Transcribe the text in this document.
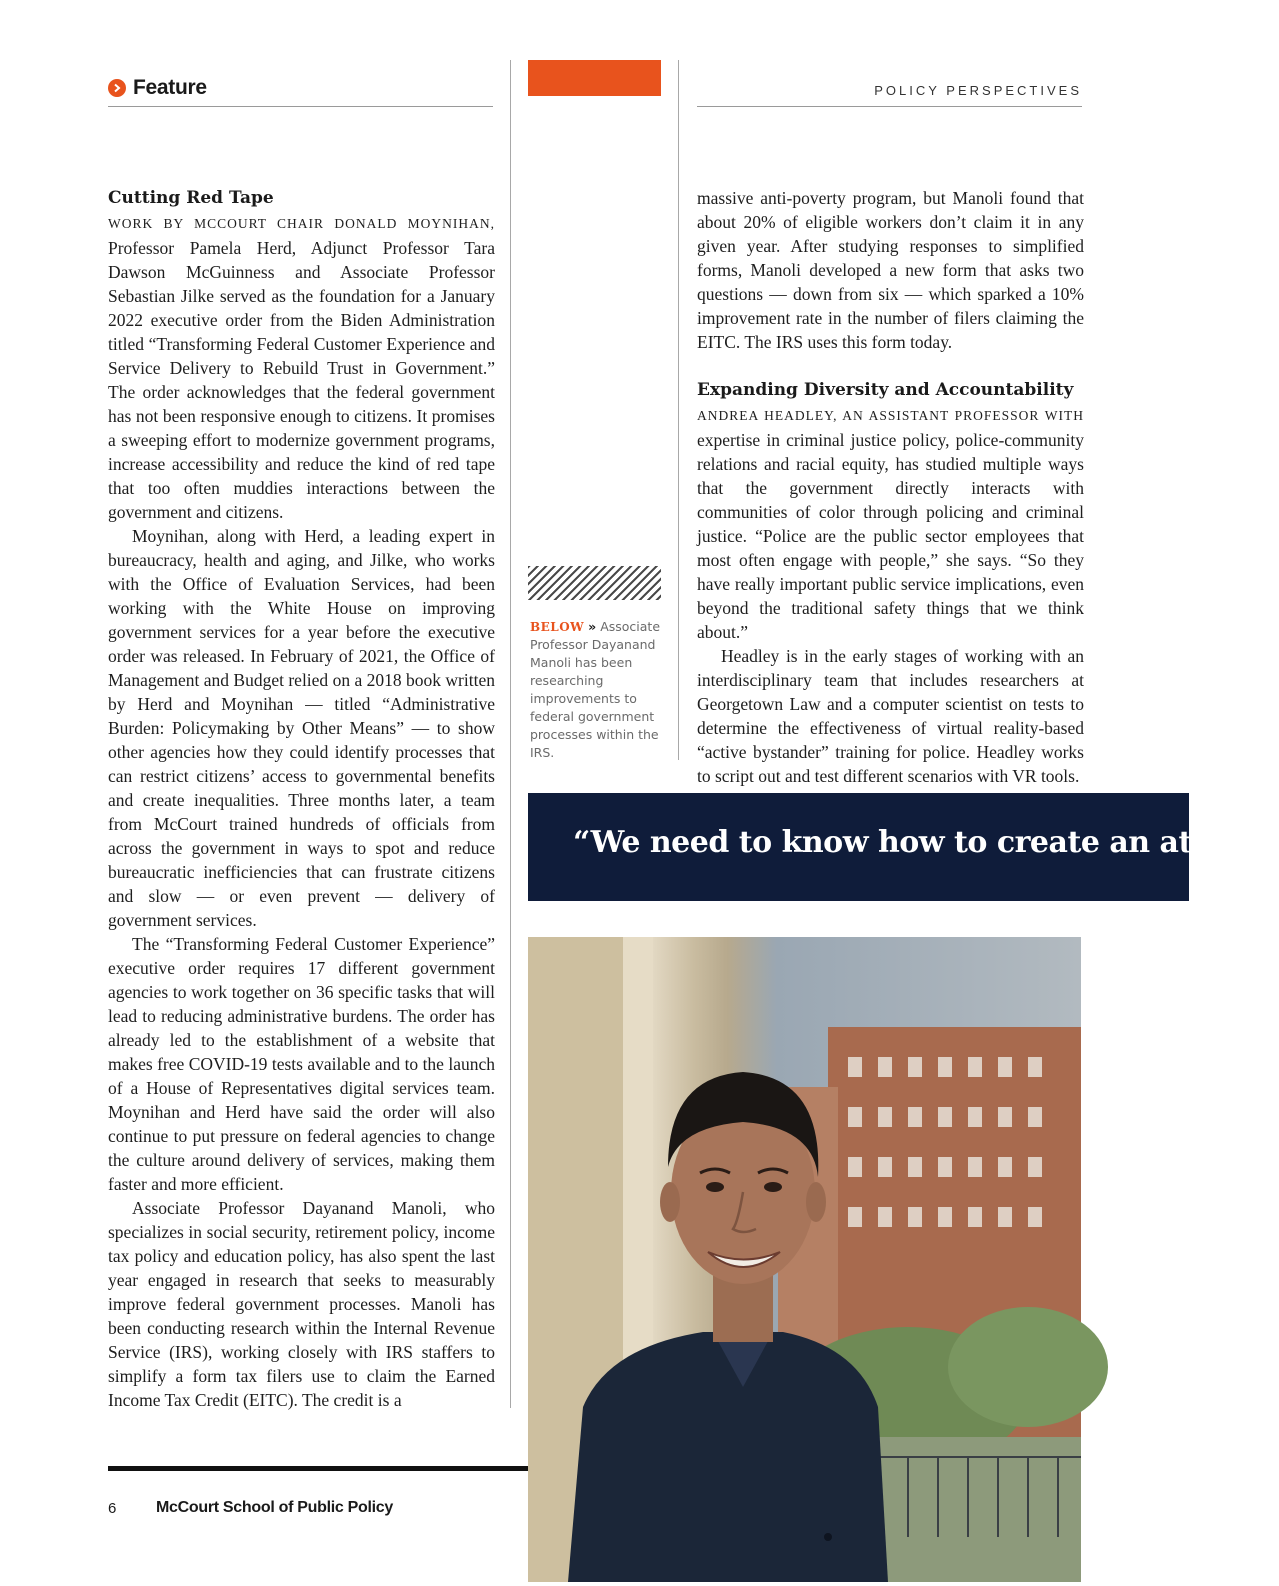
Feature	POLICY PERSPECTIVES
Cutting Red Tape

WORK BY MCCOURT CHAIR DONALD MOYNIHAN, Professor Pamela Herd, Adjunct Professor Tara Dawson McGuinness and Associate Professor Sebastian Jilke served as the foundation for a January 2022 executive order from the Biden Administration titled “Transforming Federal Customer Experience and Service Delivery to Rebuild Trust in Government.” The order acknowledges that the federal government has not been responsive enough to citizens. It promises a sweeping effort to modernize government programs, increase accessibility and reduce the kind of red tape that too often muddies interactions between the government and citizens.

Moynihan, along with Herd, a leading expert in bureaucracy, health and aging, and Jilke, who works with the Office of Evaluation Services, had been working with the White House on improving government services for a year before the executive order was released. In February of 2021, the Office of Management and Budget relied on a 2018 book written by Herd and Moynihan — titled “Administrative Burden: Policymaking by Other Means” — to show other agencies how they could identify processes that can restrict citizens’ access to governmental benefits and create inequalities. Three months later, a team from McCourt trained hundreds of officials from across the government in ways to spot and reduce bureaucratic inefficiencies that can frustrate citizens and slow — or even prevent — delivery of government services.

The “Transforming Federal Customer Experience” executive order requires 17 different government agencies to work together on 36 specific tasks that will lead to reducing administrative burdens. The order has already led to the establishment of a website that makes free COVID-19 tests available and to the launch of a House of Representatives digital services team. Moynihan and Herd have said the order will also continue to put pressure on federal agencies to change the culture around delivery of services, making them faster and more efficient.

Associate Professor Dayanand Manoli, who specializes in social security, retirement policy, income tax policy and education policy, has also spent the last year engaged in research that seeks to measurably improve federal government processes. Manoli has been conducting research within the Internal Revenue Service (IRS), working closely with IRS staffers to simplify a form tax filers use to claim the Earned Income Tax Credit (EITC). The credit is a

massive anti-poverty program, but Manoli found that about 20% of eligible workers don’t claim it in any given year. After studying responses to simplified forms, Manoli developed a new form that asks two questions — down from six — which sparked a 10% improvement rate in the number of filers claiming the EITC. The IRS uses this form today.

Expanding Diversity and Accountability

ANDREA HEADLEY, AN ASSISTANT PROFESSOR WITH expertise in criminal justice policy, police-community relations and racial equity, has studied multiple ways that the government directly interacts with communities of color through policing and criminal justice. “Police are the public sector employees that most often engage with people,” she says. “So they have really important public service implications, even beyond the traditional safety things that we think about.”

Headley is in the early stages of working with an interdisciplinary team that includes researchers at Georgetown Law and a computer scientist on tests to determine the effectiveness of virtual reality-based “active bystander” training for police. Headley works to script out and test different scenarios with VR tools.

BELOW » Associate Professor Dayanand Manoli has been researching improvements to federal government processes within the IRS.
“We need to know how to create an atmosp
6 McCourt School of Public Policy
